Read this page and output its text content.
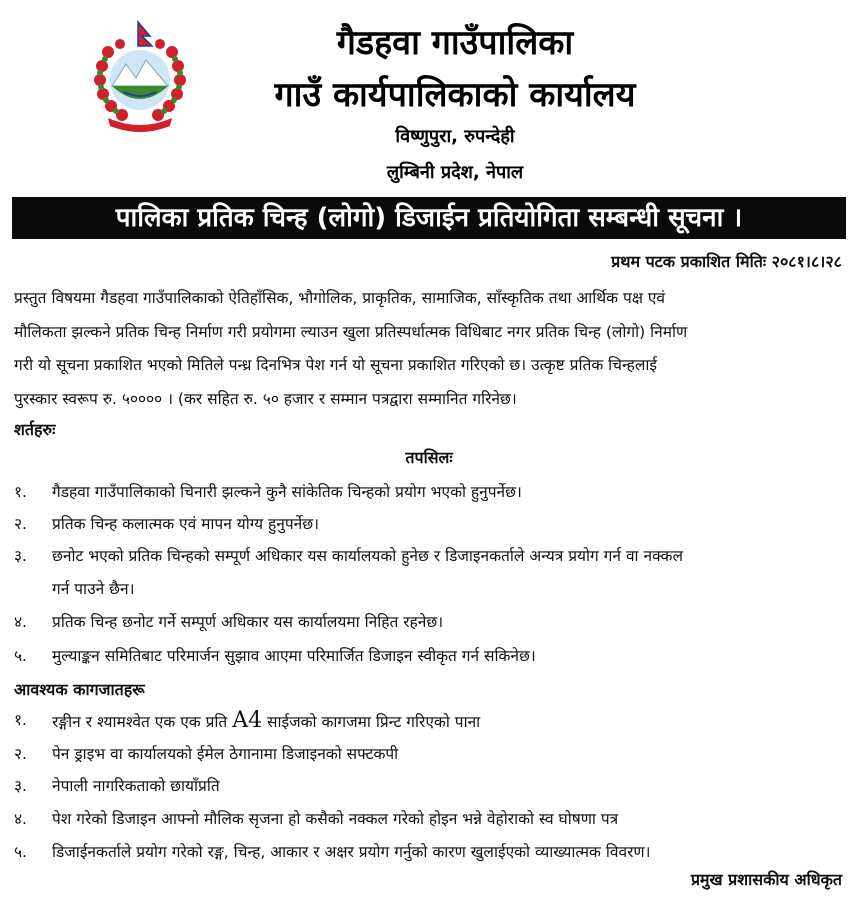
गैडहवा गाउँपालिका
गाउँ कार्यपालिकाको कार्यालय
विष्णुपुरा, रुपन्देही
लुम्बिनी प्रदेश, नेपाल
पालिका प्रतिक चिन्ह (लोगो) डिजाईन प्रतियोगिता सम्बन्धी सूचना ।
प्रथम पटक प्रकाशित मितिः २०८१।८।२८
प्रस्तुत विषयमा गैडहवा गाउँपालिकाको ऐतिहाँसिक, भौगोलिक, प्राकृतिक, सामाजिक, साँस्कृतिक तथा आर्थिक पक्ष एवं
मौलिकता झल्कने प्रतिक चिन्ह निर्माण गरी प्रयोगमा ल्याउन खुला प्रतिस्पर्धात्मक विधिबाट नगर प्रतिक चिन्ह (लोगो) निर्माण
गरी यो सूचना प्रकाशित भएको मितिले पन्ध्र दिनभित्र पेश गर्न यो सूचना प्रकाशित गरिएको छ। उत्कृष्ट प्रतिक चिन्हलाई
पुरस्कार स्वरूप रु. ५०००० । (कर सहित रु. ५० हजार र सम्मान पत्रद्वारा सम्मानित गरिनेछ।
शर्तहरुः
तपसिलः
१.	गैडहवा गाउँपालिकाको चिनारी झल्कने कुनै सांकेतिक चिन्हको प्रयोग भएको हुनुपर्नेछ।
२.	प्रतिक चिन्ह कलात्मक एवं मापन योग्य हुनुपर्नेछ।
३.	छनोट भएको प्रतिक चिन्हको सम्पूर्ण अधिकार यस कार्यालयको हुनेछ र डिजाइनकर्ताले अन्यत्र प्रयोग गर्न वा नक्कल
गर्न पाउने छैन।
४.	प्रतिक चिन्ह छनोट गर्ने सम्पूर्ण अधिकार यस कार्यालयमा निहित रहनेछ।
५.	मुल्याङ्कन समितिबाट परिमार्जन सुझाव आएमा परिमार्जित डिजाइन स्वीकृत गर्न सकिनेछ।
आवश्यक कागजातहरू
१.	रङ्गीन र श्यामश्वेत एक एक प्रति A4 साईजको कागजमा प्रिन्ट गरिएको पाना
२.	पेन ड्राइभ वा कार्यालयको ईमेल ठेगानामा डिजाइनको सफ्टकपी
३.	नेपाली नागरिकताको छायाँप्रति
४.	पेश गरेको डिजाइन आफ्नो मौलिक सृजना हो कसैको नक्कल गरेको होइन भन्ने वेहोराको स्व घोषणा पत्र
५.	डिजाईनकर्ताले प्रयोग गरेको रङ्ग, चिन्ह, आकार र अक्षर प्रयोग गर्नुको कारण खुलाईएको व्याख्यात्मक विवरण।
प्रमुख प्रशासकीय अधिकृत
